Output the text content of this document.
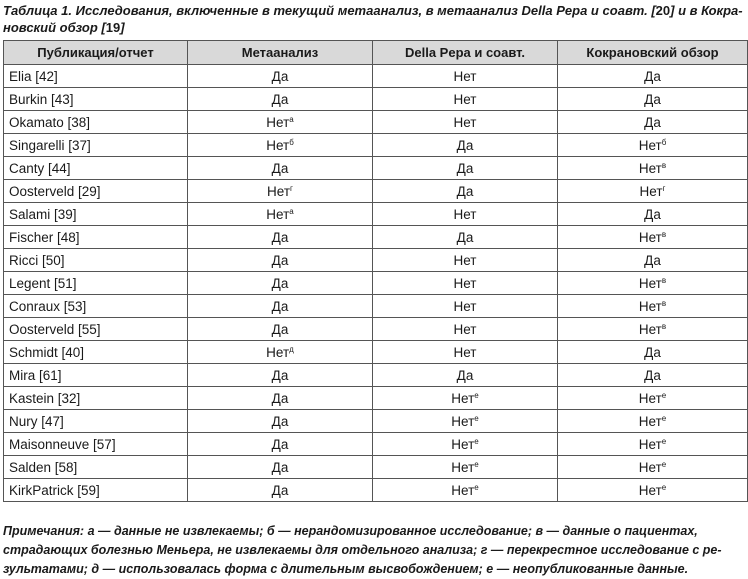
Таблица 1. Исследования, включенные в текущий метаанализ, в метаанализ Della Pepa и соавт. [20] и в Кокра-новский обзор [19]
Публикация/отчет	Метаанализ	Della Pepa и соавт.	Кокрановский обзор
Elia [42]	Да	Нет	Да
Burkin [43]	Да	Нет	Да
Okamato [38]	Нет$^а$	Нет	Да
Singarelli [37]	Нет$^б$	Да	Нет$^б$
Canty [44]	Да	Да	Нет$^в$
Oosterveld [29]	Нет$^г$	Да	Нет$^г$
Salami [39]	Нет$^а$	Нет	Да
Fischer [48]	Да	Да	Нет$^в$
Ricci [50]	Да	Нет	Да
Legent [51]	Да	Нет	Нет$^в$
Conraux [53]	Да	Нет	Нет$^в$
Oosterveld [55]	Да	Нет	Нет$^в$
Schmidt [40]	Нет$^д$	Нет	Да
Mira [61]	Да	Да	Да
Kastein [32]	Да	Нет$^е$	Нет$^е$
Nury [47]	Да	Нет$^е$	Нет$^е$
Maisonneuve [57]	Да	Нет$^е$	Нет$^е$
Salden [58]	Да	Нет$^е$	Нет$^е$
KirkPatrick [59]	Да	Нет$^е$	Нет$^е$
Примечания: а — данные не извлекаемы; б — нерандомизированное исследование; в — данные о пациентах, страдающих болезнью Меньера, не извлекаемы для отдельного анализа; г — перекрестное исследование с ре-зультатами; д — использовалась форма с длительным высвобождением; е — неопубликованные данные.
